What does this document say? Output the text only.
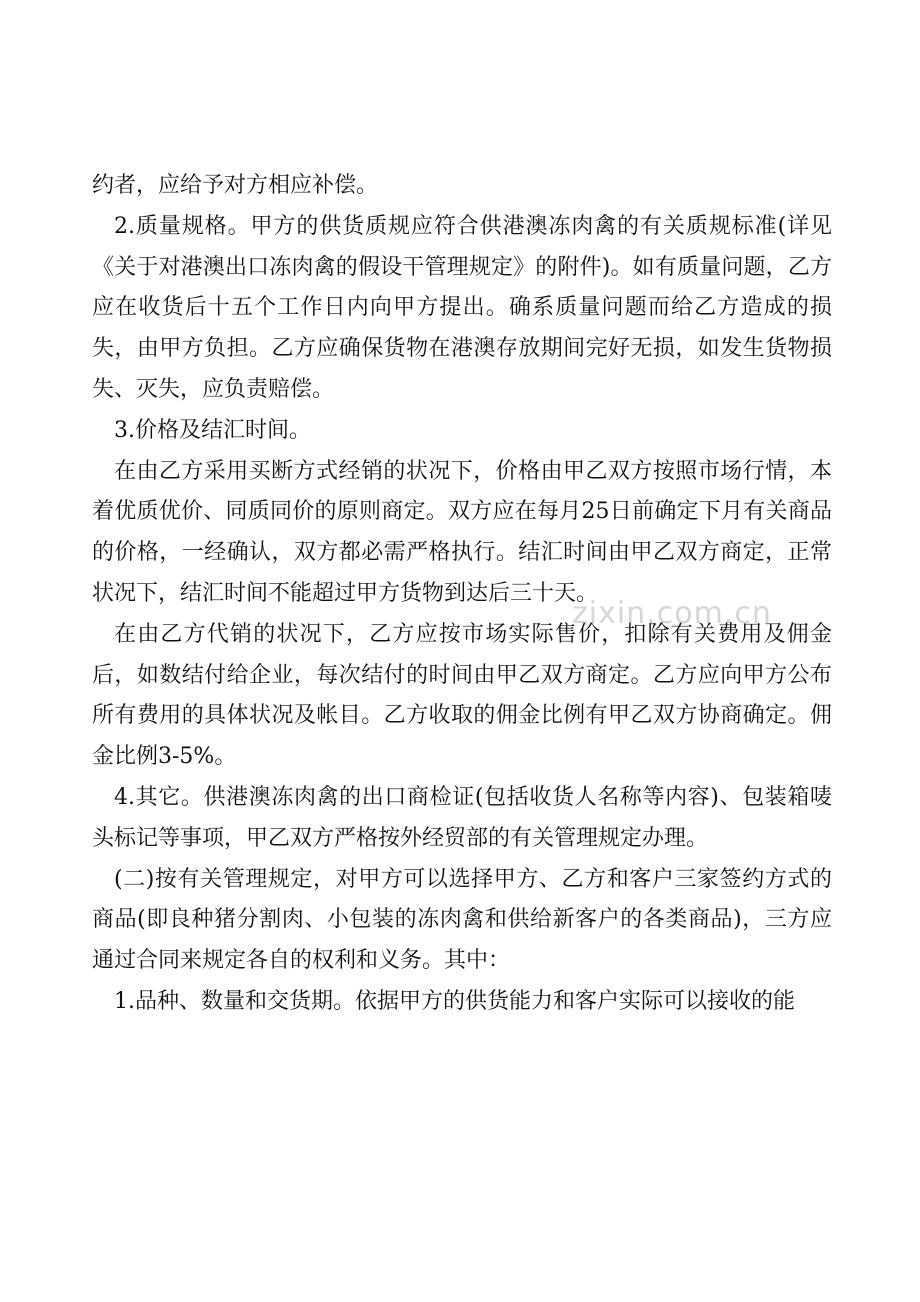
约者，应给予对方相应补偿。

2.质量规格。甲方的供货质规应符合供港澳冻肉禽的有关质规标准(详见《关于对港澳出口冻肉禽的假设干管理规定》的附件)。如有质量问题，乙方应在收货后十五个工作日内向甲方提出。确系质量问题而给乙方造成的损失，由甲方负担。乙方应确保货物在港澳存放期间完好无损，如发生货物损失、灭失，应负责赔偿。

3.价格及结汇时间。

在由乙方采用买断方式经销的状况下，价格由甲乙双方按照市场行情，本着优质优价、同质同价的原则商定。双方应在每月25日前确定下月有关商品的价格，一经确认，双方都必需严格执行。结汇时间由甲乙双方商定，正常状况下，结汇时间不能超过甲方货物到达后三十天。

在由乙方代销的状况下，乙方应按市场实际售价，扣除有关费用及佣金后，如数结付给企业，每次结付的时间由甲乙双方商定。乙方应向甲方公布所有费用的具体状况及帐目。乙方收取的佣金比例有甲乙双方协商确定。佣金比例3-5%。

4.其它。供港澳冻肉禽的出口商检证(包括收货人名称等内容)、包装箱唛头标记等事项，甲乙双方严格按外经贸部的有关管理规定办理。

(二)按有关管理规定，对甲方可以选择甲方、乙方和客户三家签约方式的商品(即良种猪分割肉、小包装的冻肉禽和供给新客户的各类商品)，三方应通过合同来规定各自的权利和义务。其中：

1.品种、数量和交货期。依据甲方的供货能力和客户实际可以接收的能

zixin.com.cn
